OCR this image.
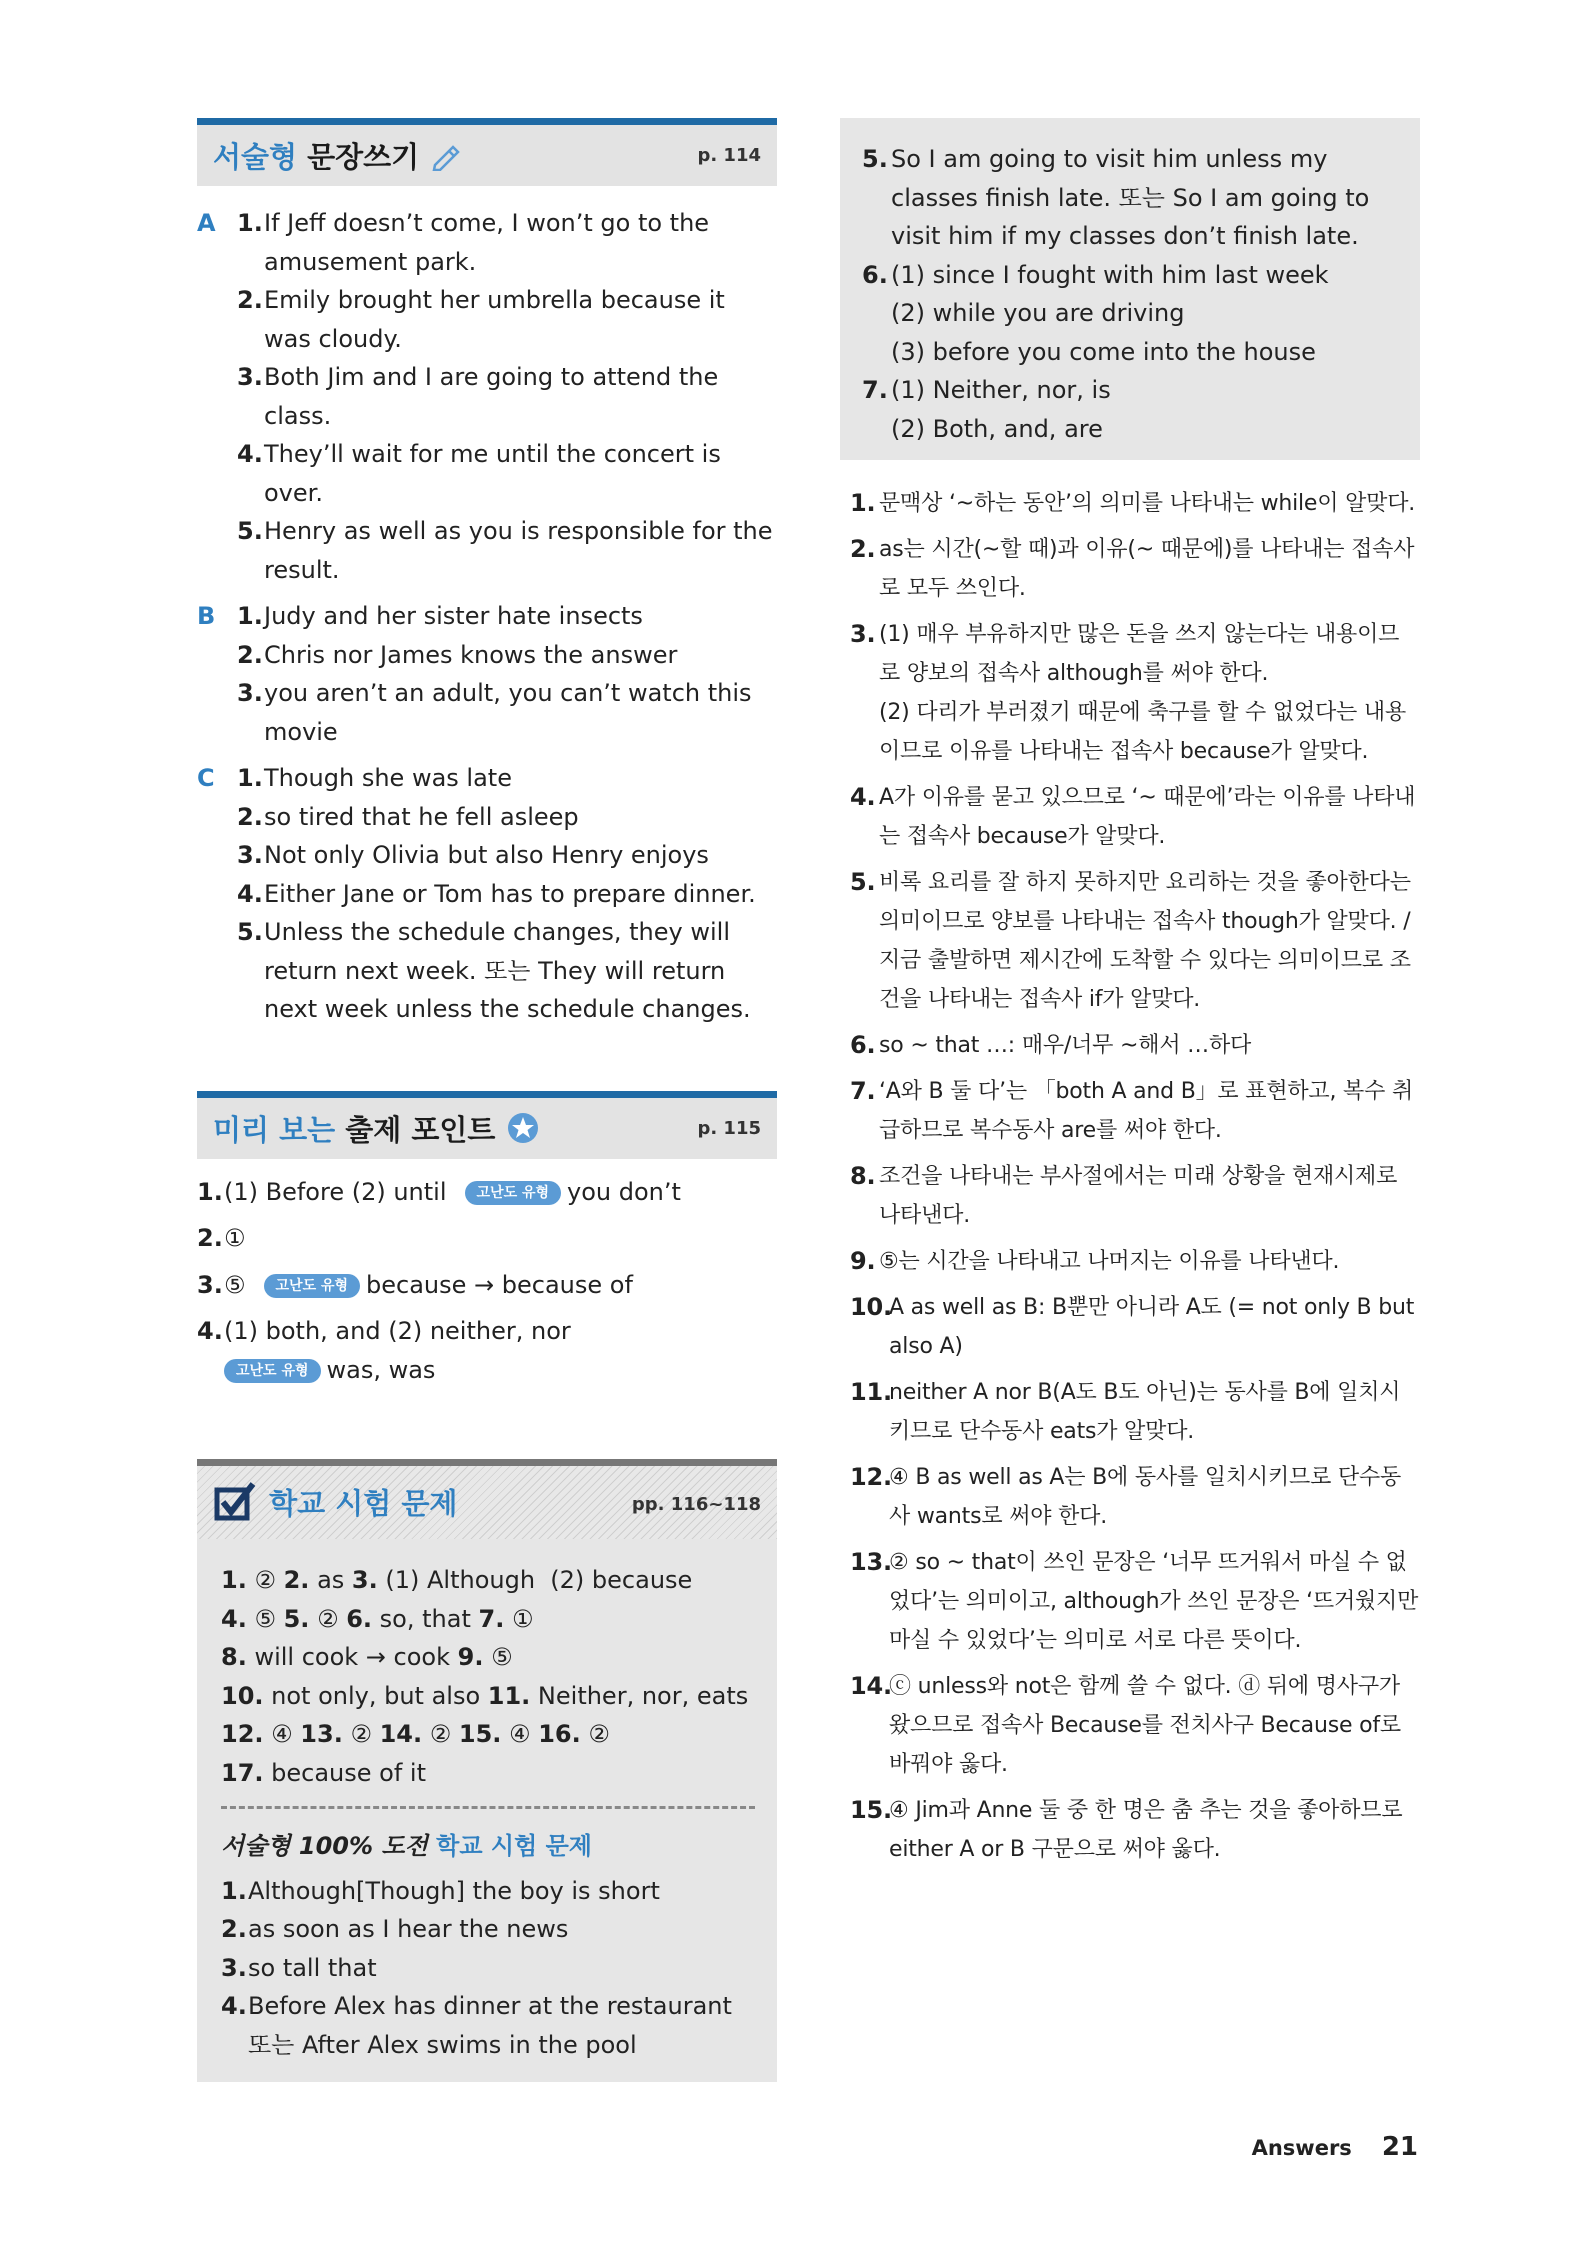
서술형 문장쓰기	p. 114
A 1. If Jeff doesn’t come, I won’t go to the amusement park.
2. Emily brought her umbrella because it was cloudy.
3. Both Jim and I are going to attend the class.
4. They’ll wait for me until the concert is over.
5. Henry as well as you is responsible for the result.
B 1. Judy and her sister hate insects
2. Chris nor James knows the answer
3. you aren’t an adult, you can’t watch this movie
C 1. Though she was late
2. so tired that he fell asleep
3. Not only Olivia but also Henry enjoys
4. Either Jane or Tom has to prepare dinner.
5. Unless the schedule changes, they will return next week. 또는 They will return next week unless the schedule changes.
미리 보는 출제 포인트	p. 115
1. (1) Before (2) until 고난도 유형 you don’t
2. ①
3. ⑤ 고난도 유형 because → because of
4. (1) both, and (2) neither, nor
고난도 유형 was, was
학교 시험 문제	pp. 116~118
1. ② 2. as 3. (1) Although  (2) because
4. ⑤ 5. ② 6. so, that 7. ①
8. will cook → cook 9. ⑤
10. not only, but also 11. Neither, nor, eats
12. ④ 13. ② 14. ② 15. ④ 16. ②
17. because of it
서술형 100% 도전 학교 시험 문제
1. Although[Though] the boy is short
2. as soon as I hear the news
3. so tall that
4. Before Alex has dinner at the restaurant 또는 After Alex swims in the pool
5. So I am going to visit him unless my
classes finish late. 또는 So I am going to
visit him if my classes don’t finish late.
6. (1) since I fought with him last week
(2) while you are driving
(3) before you come into the house
7. (1) Neither, nor, is
(2) Both, and, are
1. 문맥상 ‘~하는 동안’의 의미를 나타내는 while이 알맞다.
2. as는 시간(~할 때)과 이유(~ 때문에)를 나타내는 접속사로 모두 쓰인다.
3. (1) 매우 부유하지만 많은 돈을 쓰지 않는다는 내용이므로 양보의 접속사 although를 써야 한다.
(2) 다리가 부러졌기 때문에 축구를 할 수 없었다는 내용이므로 이유를 나타내는 접속사 because가 알맞다.
4. A가 이유를 묻고 있으므로 ‘~ 때문에’라는 이유를 나타내는 접속사 because가 알맞다.
5. 비록 요리를 잘 하지 못하지만 요리하는 것을 좋아한다는 의미이므로 양보를 나타내는 접속사 though가 알맞다. / 지금 출발하면 제시간에 도착할 수 있다는 의미이므로 조건을 나타내는 접속사 if가 알맞다.
6. so ~ that …: 매우/너무 ~해서 …하다
7. ‘A와 B 둘 다’는 「both A and B」로 표현하고, 복수 취급하므로 복수동사 are를 써야 한다.
8. 조건을 나타내는 부사절에서는 미래 상황을 현재시제로 나타낸다.
9. ⑤는 시간을 나타내고 나머지는 이유를 나타낸다.
10.
A as well as B: B뿐만 아니라 A도 (= not only B but also A)
11.
neither A nor B(A도 B도 아닌)는 동사를 B에 일치시키므로 단수동사 eats가 알맞다.
12.
④ B as well as A는 B에 동사를 일치시키므로 단수동사 wants로 써야 한다.
13.
② so ~ that이 쓰인 문장은 ‘너무 뜨거워서 마실 수 없었다’는 의미이고, although가 쓰인 문장은 ‘뜨거웠지만 마실 수 있었다’는 의미로 서로 다른 뜻이다.
14.
ⓒ unless와 not은 함께 쓸 수 없다. ⓓ 뒤에 명사구가 왔으므로 접속사 Because를 전치사구 Because of로 바꿔야 옳다.
15.
④ Jim과 Anne 둘 중 한 명은 춤 추는 것을 좋아하므로 either A or B 구문으로 써야 옳다.
Answers 21
